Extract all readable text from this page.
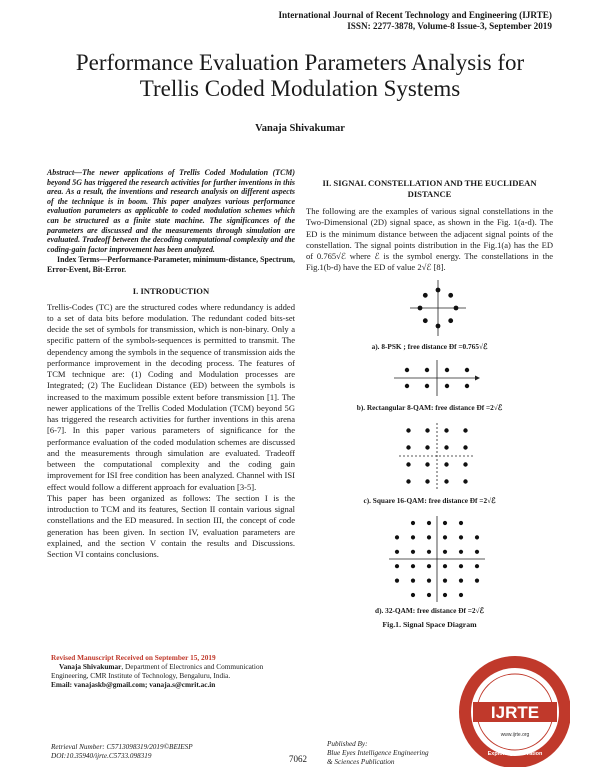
International Journal of Recent Technology and Engineering (IJRTE)
ISSN: 2277-3878, Volume-8 Issue-3, September 2019
Performance Evaluation Parameters Analysis for
Trellis Coded Modulation Systems
Vanaja Shivakumar

Abstract—The newer applications of Trellis Coded Modulation (TCM) beyond 5G has triggered the research activities for further inventions in this area. As a result, the inventions and research analysis on different aspects of the technique is in boom. This paper analyzes various performance evaluation parameters as applicable to coded modulation schemes which can be structured as a finite state machine. The significances of the parameters are discussed and the measurements through simulation are evaluated. Tradeoff between the decoding computational complexity and the coding-gain factor improvement has been analyzed.

Index Terms—Performance-Parameter, minimum-distance, Spectrum, Error-Event, Bit-Error.

I. INTRODUCTION

Trellis-Codes (TC) are the structured codes where redundancy is added to a set of data bits before modulation. The redundant coded bits-set decide the set of symbols for transmission, which is non-binary. Only a specific pattern of the symbols-sequences is permitted to transmit. The dependency among the symbols in the sequence of transmission aids the performance improvement in the decoding process. The features of TCM technique are: (1) Coding and Modulation processes are Integrated; (2) The Euclidean Distance (ED) between the symbols is increased to the maximum possible extent before transmission [1]. The newer applications of the Trellis Coded Modulation (TCM) beyond 5G has triggered the research activities for further inventions in this arena [6-7]. In this paper various parameters of significance for the performance evaluation of the coded modulation schemes are discussed and the measurements through simulation are evaluated. Tradeoff between the computational complexity and the coding gain improvement for ISI free condition has been analyzed. Channel with ISI effect would follow a different approach for evaluation [3-5].

This paper has been organized as follows: The section I is the introduction to TCM and its features, Section II contain various signal constellations and the ED measured. In section III, the concept of code generation has been given. In section IV, evaluation parameters are explained, and the section V contain the results and Discussions. Section VI contains conclusions.

II. SIGNAL CONSTELLATION AND THE EUCLIDEAN
DISTANCE

The following are the examples of various signal constellations in the Two-Dimensional (2D) signal space, as shown in the Fig. 1(a-d). The ED is the minimum distance between the adjacent signal points of the constellation. The signal points distribution in the Fig.1(a) has the ED of 0.765√ℰ where ℰ is the symbol energy. The constellations in the Fig.1(b-d) have the ED of value 2√ℰ [8].

a). 8-PSK ; free distance Đf =0.765√ℰ
b). Rectangular 8-QAM: free distance Đf =2√ℰ
c). Square 16-QAM: free distance Đf =2√ℰ
d). 32-QAM: free distance Đf =2√ℰ
Fig.1. Signal Space Diagram
Revised Manuscript Received on September 15, 2019
Vanaja Shivakumar, Department of Electronics and Communication Engineering, CMR Institute of Technology, Bengaluru, India.
Email: vanajaskb@gmail.com; vanaja.s@cmrit.ac.in
Retrieval Number: C5713098319/2019©BEIESP
DOI:10.35940/ijrte.C5733.098319	7062
Published By:
Blue Eyes Intelligence Engineering
& Sciences Publication
IJRTE
www.ijrte.org
Exploring Innovation
